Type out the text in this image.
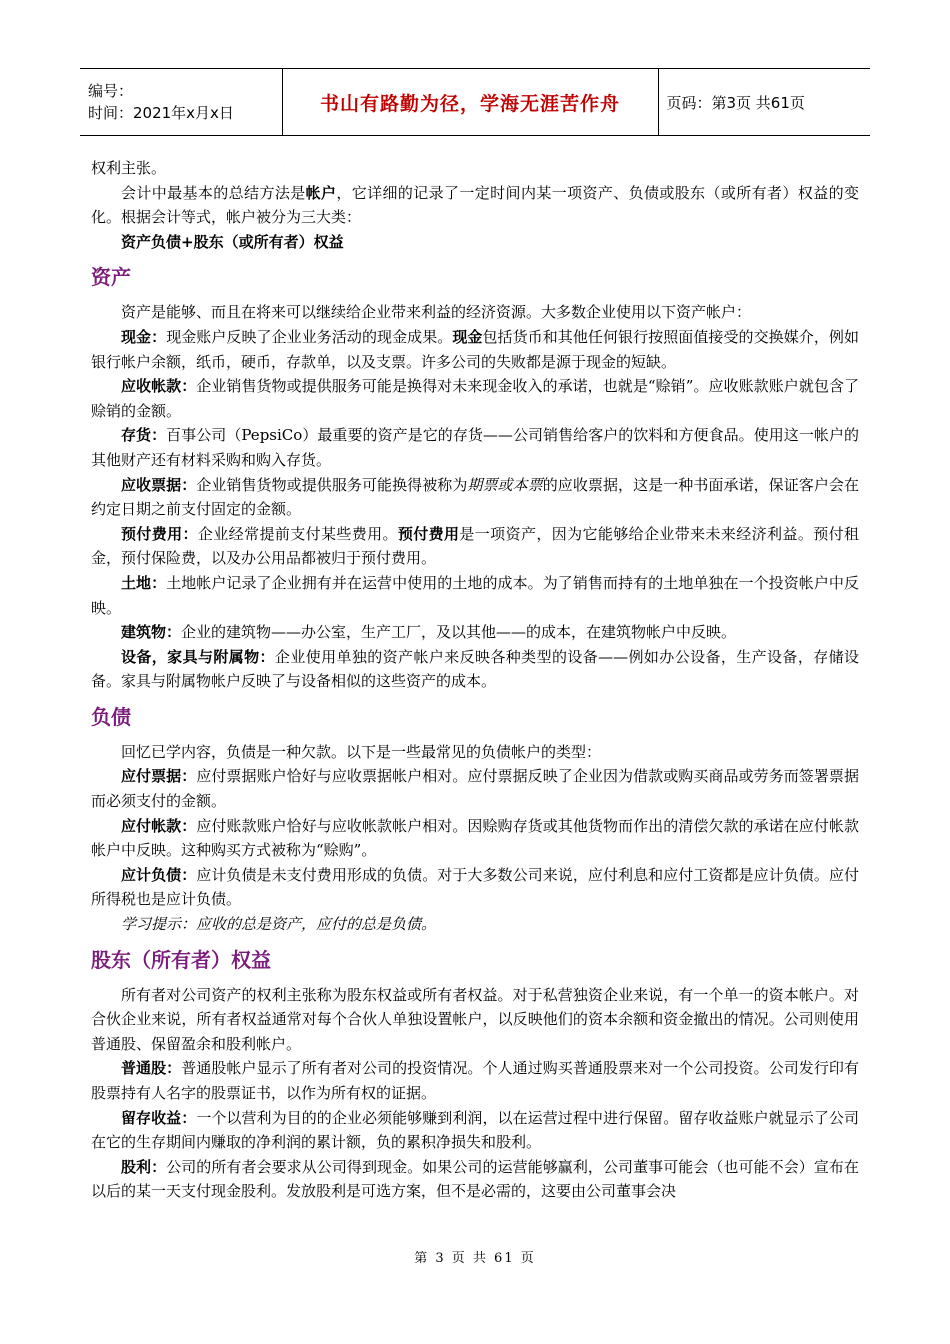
编号：
时间：2021年x月x日	书山有路勤为径，学海无涯苦作舟	页码：第3页 共61页

权利主张。

会计中最基本的总结方法是帐户，它详细的记录了一定时间内某一项资产、负债或股东（或所有者）权益的变化。根据会计等式，帐户被分为三大类：

资产负债+股东（或所有者）权益

资产

资产是能够、而且在将来可以继续给企业带来利益的经济资源。大多数企业使用以下资产帐户：

现金：现金账户反映了企业业务活动的现金成果。现金包括货币和其他任何银行按照面值接受的交换媒介，例如银行帐户余额，纸币，硬币，存款单，以及支票。许多公司的失败都是源于现金的短缺。

应收帐款：企业销售货物或提供服务可能是换得对未来现金收入的承诺，也就是“赊销”。应收账款账户就包含了赊销的金额。

存货：百事公司（PepsiCo）最重要的资产是它的存货——公司销售给客户的饮料和方便食品。使用这一帐户的其他财产还有材料采购和购入存货。

应收票据：企业销售货物或提供服务可能换得被称为期票或本票的应收票据，这是一种书面承诺，保证客户会在约定日期之前支付固定的金额。

预付费用：企业经常提前支付某些费用。预付费用是一项资产，因为它能够给企业带来未来经济利益。预付租金，预付保险费，以及办公用品都被归于预付费用。

土地：土地帐户记录了企业拥有并在运营中使用的土地的成本。为了销售而持有的土地单独在一个投资帐户中反映。

建筑物：企业的建筑物——办公室，生产工厂，及以其他——的成本，在建筑物帐户中反映。

设备，家具与附属物：企业使用单独的资产帐户来反映各种类型的设备——例如办公设备，生产设备，存储设备。家具与附属物帐户反映了与设备相似的这些资产的成本。

负债

回忆已学内容，负债是一种欠款。以下是一些最常见的负债帐户的类型：

应付票据：应付票据账户恰好与应收票据帐户相对。应付票据反映了企业因为借款或购买商品或劳务而签署票据而必须支付的金额。

应付帐款：应付账款账户恰好与应收帐款帐户相对。因赊购存货或其他货物而作出的清偿欠款的承诺在应付帐款帐户中反映。这种购买方式被称为“赊购”。

应计负债：应计负债是未支付费用形成的负债。对于大多数公司来说，应付利息和应付工资都是应计负债。应付所得税也是应计负债。

学习提示：应收的总是资产，应付的总是负债。

股东（所有者）权益

所有者对公司资产的权利主张称为股东权益或所有者权益。对于私营独资企业来说，有一个单一的资本帐户。对合伙企业来说，所有者权益通常对每个合伙人单独设置帐户，以反映他们的资本余额和资金撤出的情况。公司则使用普通股、保留盈余和股利帐户。

普通股：普通股帐户显示了所有者对公司的投资情况。个人通过购买普通股票来对一个公司投资。公司发行印有股票持有人名字的股票证书，以作为所有权的证据。

留存收益：一个以营利为目的的企业必须能够赚到利润，以在运营过程中进行保留。留存收益账户就显示了公司在它的生存期间内赚取的净利润的累计额，负的累积净损失和股利。

股利：公司的所有者会要求从公司得到现金。如果公司的运营能够赢利，公司董事可能会（也可能不会）宣布在以后的某一天支付现金股利。发放股利是可选方案，但不是必需的，这要由公司董事会决

第 3 页 共 61 页
